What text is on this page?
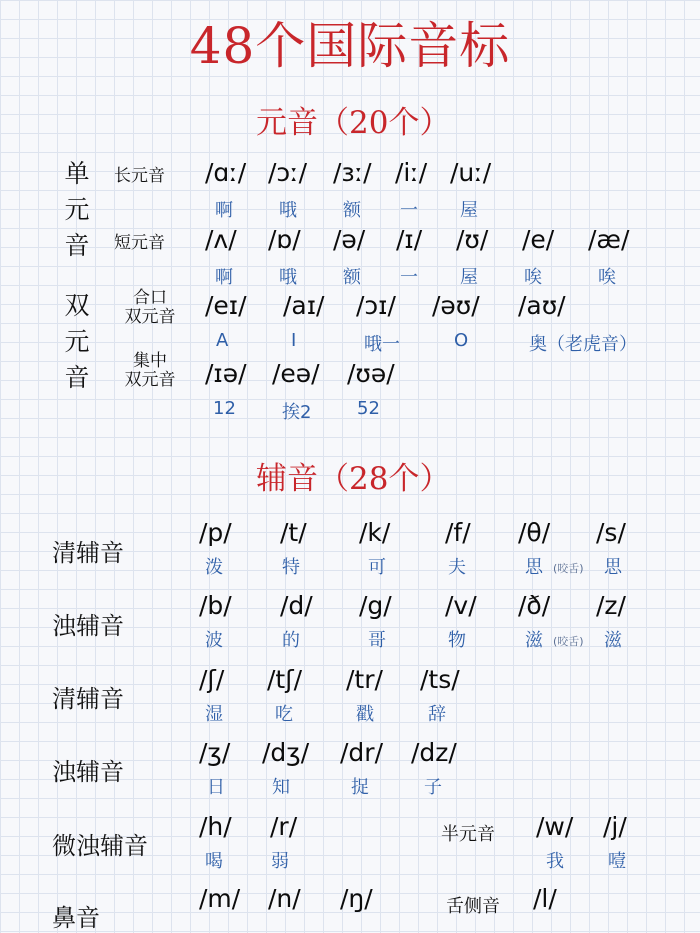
48个国际音标
元音（20个）
单
元
音
双
元
音
长元音 /ɑː/ /ɔː/ /ɜː/ /iː/ /uː/
啊	哦	额 一 屋
短元音 /ʌ/ /ɒ/ /ə/ /ɪ/ /ʊ/ /e/ /æ/
啊	哦	额 一 屋	唉	唉
合口
双元音	/eɪ/ /aɪ/ /ɔɪ/ /əʊ/ /aʊ/
A	I	哦一	O	奥（老虎音）
集中
双元音	/ɪə/ /eə/ /ʊə/
12	挨2	52
辅音（28个）
清辅音
/p/ /t/ /k/ /f/ /θ/ /s/
泼	特	可	夫	思 (咬舌) 思
浊辅音
/b/ /d/ /g/ /v/ /ð/ /z/
波	的	哥	物	滋 (咬舌) 滋
清辅音
/ʃ/ /tʃ/ /tr/ /ts/
湿	吃	戳	辞
浊辅音
/ʒ/ /dʒ/ /dr/ /dz/
日	知	捉	子
微浊辅音
/h/ /r/
喝	弱
半元音 /w/ /j/
我 噎
鼻音
/m/ /n/ /ŋ/	舌侧音 /l/
